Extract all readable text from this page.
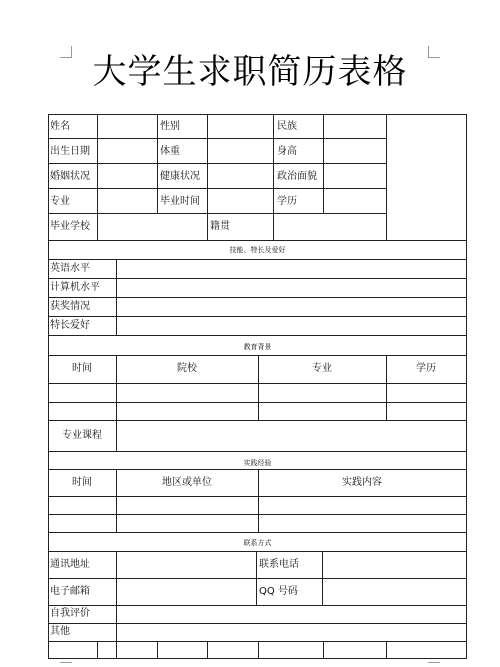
大学生求职简历表格
姓名	性别	民族
出生日期	体重	身高
婚姻状况	健康状况	政治面貌
专业	毕业时间	学历
毕业学校	籍贯
技能、特长及爱好
英语水平
计算机水平
获奖情况
特长爱好
教育背景
时间	院校	专业	学历
专业课程
实践经验
时间	地区或单位	实践内容
联系方式
通讯地址	联系电话
电子邮箱	QQ 号码
自我评价
其他
